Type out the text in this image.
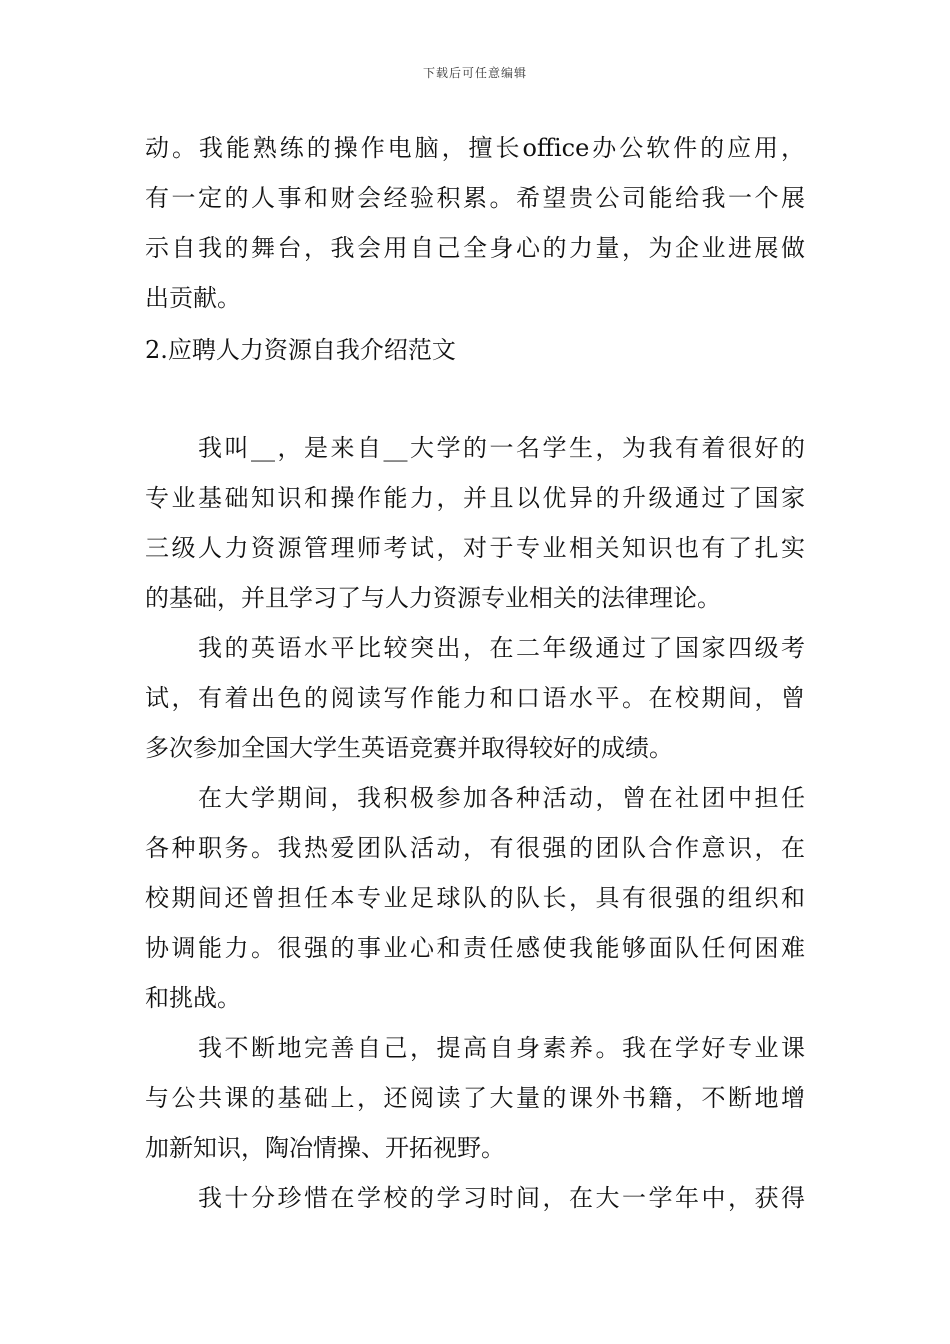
下载后可任意编辑
动。我能熟练的操作电脑，擅长office办公软件的应用，
有一定的人事和财会经验积累。希望贵公司能给我一个展
示自我的舞台，我会用自己全身心的力量，为企业进展做
出贡献。
2.应聘人力资源自我介绍范文
我叫__，是来自__大学的一名学生，为我有着很好的
专业基础知识和操作能力，并且以优异的升级通过了国家
三级人力资源管理师考试，对于专业相关知识也有了扎实
的基础，并且学习了与人力资源专业相关的法律理论。
我的英语水平比较突出，在二年级通过了国家四级考
试，有着出色的阅读写作能力和口语水平。在校期间，曾
多次参加全国大学生英语竞赛并取得较好的成绩。
在大学期间，我积极参加各种活动，曾在社团中担任
各种职务。我热爱团队活动，有很强的团队合作意识，在
校期间还曾担任本专业足球队的队长，具有很强的组织和
协调能力。很强的事业心和责任感使我能够面队任何困难
和挑战。
我不断地完善自己，提高自身素养。我在学好专业课
与公共课的基础上，还阅读了大量的课外书籍，不断地增
加新知识，陶冶情操、开拓视野。
我十分珍惜在学校的学习时间，在大一学年中，获得
